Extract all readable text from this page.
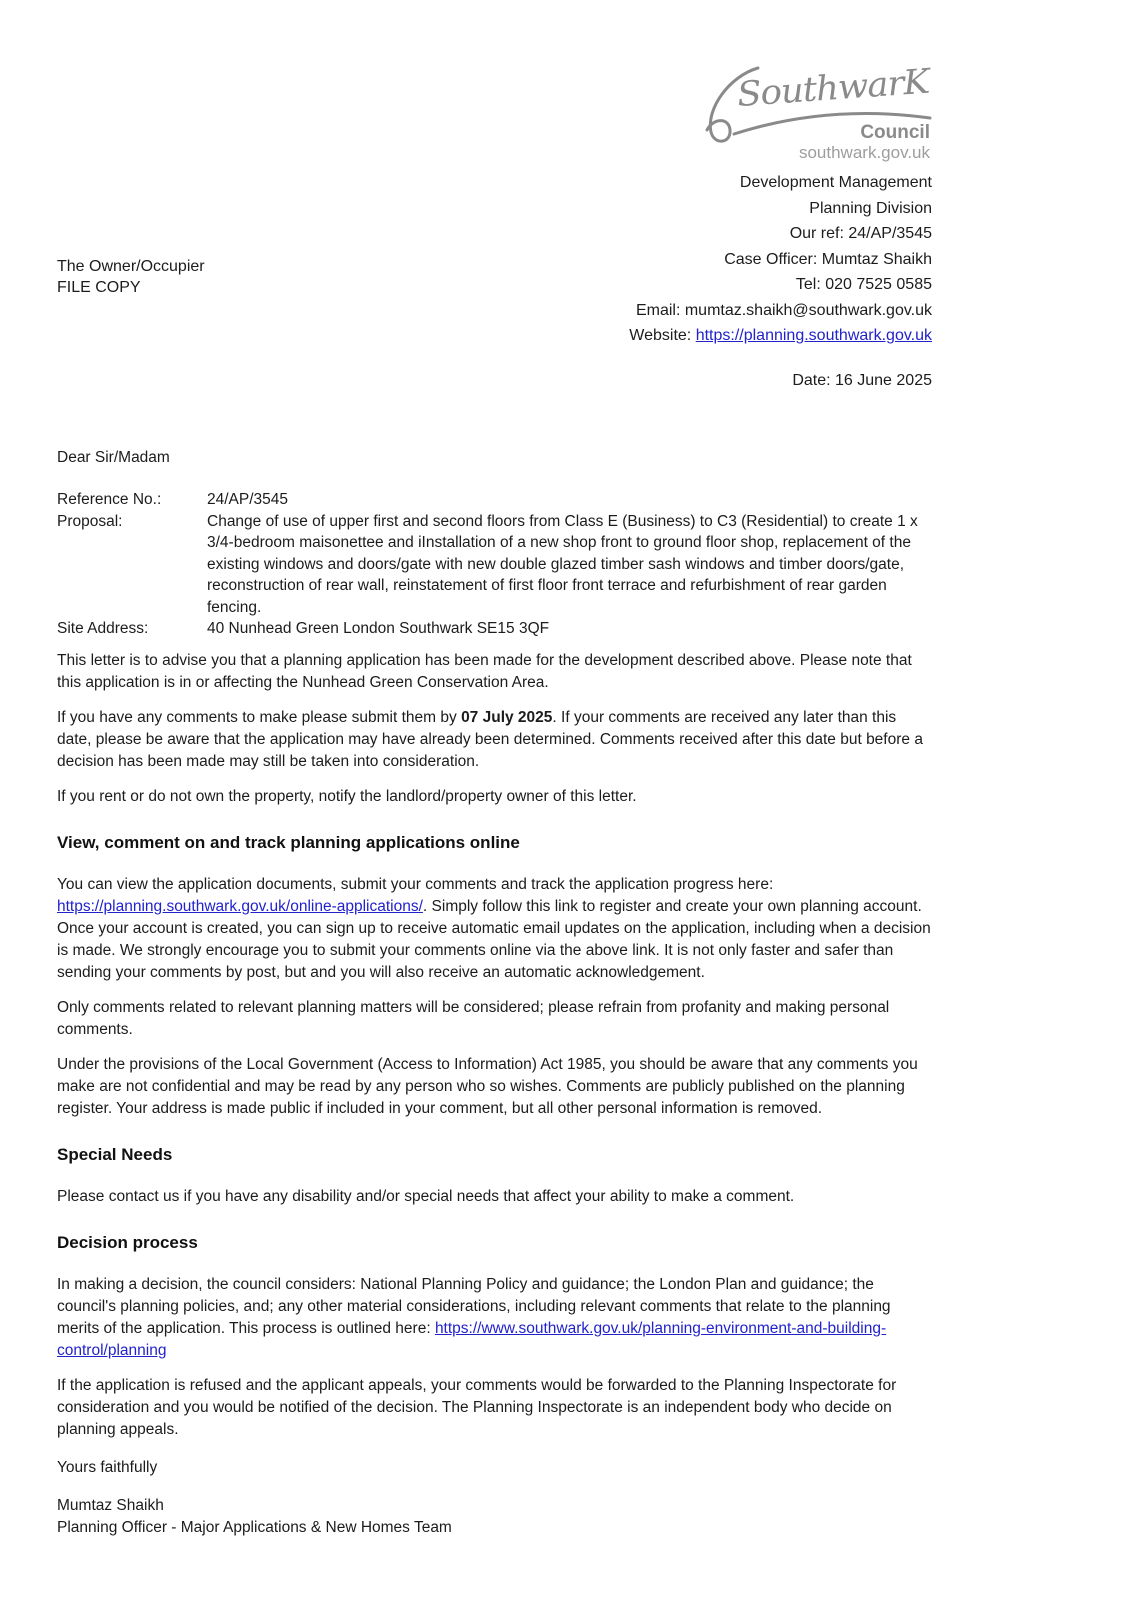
SouthwarK
Council
southwark.gov.uk
Development Management
Planning Division
Our ref: 24/AP/3545
Case Officer: Mumtaz Shaikh
Tel: 020 7525 0585
Email: mumtaz.shaikh@southwark.gov.uk
Website: https://planning.southwark.gov.uk
The Owner/Occupier
FILE COPY
Date: 16 June 2025
Dear Sir/Madam
Reference No.:	24/AP/3545
Proposal:	Change of use of upper first and second floors from Class E (Business) to C3 (Residential) to create 1 x 3/4-bedroom maisonettee and iInstallation of a new shop front to ground floor shop, replacement of the existing windows and doors/gate with new double glazed timber sash windows and timber doors/gate, reconstruction of rear wall, reinstatement of first floor front terrace and refurbishment of rear garden fencing.
Site Address:	40 Nunhead Green London Southwark SE15 3QF

This letter is to advise you that a planning application has been made for the development described above. Please note that this application is in or affecting the Nunhead Green Conservation Area.

If you have any comments to make please submit them by 07 July 2025. If your comments are received any later than this date, please be aware that the application may have already been determined. Comments received after this date but before a decision has been made may still be taken into consideration.

If you rent or do not own the property, notify the landlord/property owner of this letter.

View, comment on and track planning applications online

You can view the application documents, submit your comments and track the application progress here: https://planning.southwark.gov.uk/online-applications/. Simply follow this link to register and create your own planning account. Once your account is created, you can sign up to receive automatic email updates on the application, including when a decision is made. We strongly encourage you to submit your comments online via the above link. It is not only faster and safer than sending your comments by post, but and you will also receive an automatic acknowledgement.

Only comments related to relevant planning matters will be considered; please refrain from profanity and making personal comments.

Under the provisions of the Local Government (Access to Information) Act 1985, you should be aware that any comments you make are not confidential and may be read by any person who so wishes. Comments are publicly published on the planning register. Your address is made public if included in your comment, but all other personal information is removed.

Special Needs

Please contact us if you have any disability and/or special needs that affect your ability to make a comment.

Decision process

In making a decision, the council considers: National Planning Policy and guidance; the London Plan and guidance; the council's planning policies, and; any other material considerations, including relevant comments that relate to the planning merits of the application. This process is outlined here: https://www.southwark.gov.uk/planning-environment-and-building-control/planning

If the application is refused and the applicant appeals, your comments would be forwarded to the Planning Inspectorate for consideration and you would be notified of the decision. The Planning Inspectorate is an independent body who decide on planning appeals.

Yours faithfully

Mumtaz Shaikh
Planning Officer - Major Applications & New Homes Team
